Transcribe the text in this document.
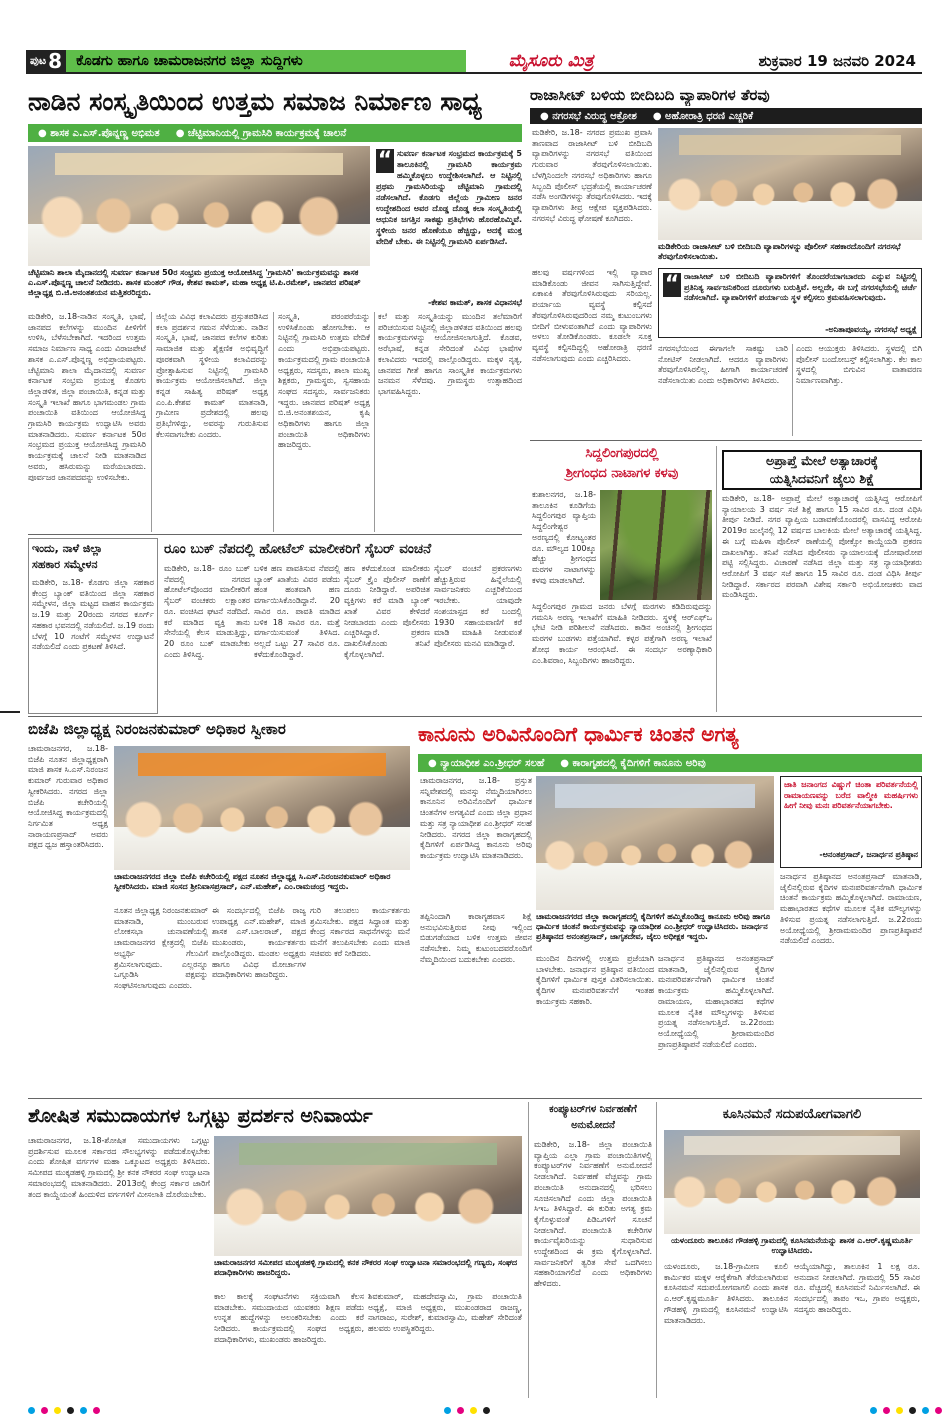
ಪುಟ 8	ಕೊಡಗು ಹಾಗೂ ಚಾಮರಾಜನಗರ ಜಿಲ್ಲಾ ಸುದ್ದಿಗಳು	ಮೈಸೂರು ಮಿತ್ರ	ಶುಕ್ರವಾರ 19 ಜನವರಿ 2024
ನಾಡಿನ ಸಂಸ್ಕೃತಿಯಿಂದ ಉತ್ತಮ ಸಮಾಜ ನಿರ್ಮಾಣ ಸಾಧ್ಯ
● ಶಾಸಕ ಎ.ಎಸ್.ಪೊನ್ನಣ್ಣ ಅಭಿಮತ ● ಚೆಟ್ಟಿಮಾನಿಯಲ್ಲಿ ಗ್ರಾಮಸಿರಿ ಕಾರ್ಯಕ್ರಮಕ್ಕೆ ಚಾಲನೆ
ಚೆಟ್ಟಿಮಾನಿ ಶಾಲಾ ಮೈದಾನದಲ್ಲಿ ಸುವರ್ಣ ಕರ್ನಾಟಕ 50ರ ಸಂಭ್ರಮ ಪ್ರಯುಕ್ತ ಆಯೋಜಿಸಿದ್ದ 'ಗ್ರಾಮಸಿರಿ' ಕಾರ್ಯಕ್ರಮವನ್ನು ಶಾಸಕ ಎ.ಎಸ್.ಪೊನ್ನಣ್ಣ ಚಾಲನೆ ನೀಡಿದರು. ಶಾಸಕ ಮಂತರ್ ಗೌಡ, ಕೇಶವ ಕಾಮತ್, ಮಹಾ ಅಧ್ಯಕ್ಷ ಟಿ.ಪಿ.ರಮೇಶ್, ಜಾನಪದ ಪರಿಷತ್ ಜಿಲ್ಲಾಧ್ಯಕ್ಷ ಬಿ.ಜಿ.ಅನಂತಶಯನ ಮತ್ತಿತರರಿದ್ದರು.
“ ಸುವರ್ಣ ಕರ್ನಾಟಕ ಸಂಭ್ರಮದ ಕಾರ್ಯಕ್ರಮಕ್ಕೆ 5 ತಾಲೂಕಿನಲ್ಲಿ ಗ್ರಾಮಸಿರಿ ಕಾರ್ಯಕ್ರಮ ಹಮ್ಮಿಕೊಳ್ಳಲು ಉದ್ದೇಶಿಸಲಾಗಿದೆ. ಆ ನಿಟ್ಟಿನಲ್ಲಿ ಪ್ರಥಮ ಗ್ರಾಮಸಿರಿಯನ್ನು ಚೆಟ್ಟಿಮಾನಿ ಗ್ರಾಮದಲ್ಲಿ ನಡೆಸಲಾಗಿದೆ. ಕೊಡಗು ಜಿಲ್ಲೆಯ ಗ್ರಾಮೀಣ ಜನರ ಉದ್ದೇಶದಿಂದ ಅವರ ದೊಡ್ಡ ದೊಡ್ಡ ಕಲಾ ಸಂಸ್ಕೃತಿಯಲ್ಲಿ ಆಧುನಿಕ ಜಗತ್ತಿನ ಸಾಕಷ್ಟು ಪ್ರತಿಭೆಗಳು ಹೊರಹೊಮ್ಮಿವೆ. ಸ್ಥಳೀಯ ಜನರ ಹೊಣೆಯೂ ಹೆಚ್ಚಿದ್ದು, ಅದಕ್ಕೆ ಮುಕ್ತ ವೇದಿಕೆ ಬೇಕು. ಈ ನಿಟ್ಟಿನಲ್ಲಿ ಗ್ರಾಮಸಿರಿ ಏರ್ಪಡಿಸಿದೆ.
-ಕೇಶವ ಕಾಮತ್, ಶಾಸಕ ವಿಧಾನಸಭೆ
ಮಡಿಕೇರಿ, ಜ.18-ನಾಡಿನ ಸಂಸ್ಕೃತಿ, ಭಾಷೆ, ಜಾನಪದ ಕಲೆಗಳನ್ನು ಮುಂದಿನ ಪೀಳಿಗೆಗೆ ಉಳಿಸಿ, ಬೆಳೆಸಬೇಕಾಗಿದೆ. ಇದರಿಂದ ಉತ್ತಮ ಸಮಾಜ ನಿರ್ಮಾಣ ಸಾಧ್ಯ ಎಂದು ವಿರಾಜಪೇಟೆ ಶಾಸಕ ಎ.ಎಸ್.ಪೊನ್ನಣ್ಣ ಅಭಿಪ್ರಾಯಪಟ್ಟರು. ಚೆಟ್ಟಿಮಾನಿ ಶಾಲಾ ಮೈದಾನದಲ್ಲಿ ಸುವರ್ಣ ಕರ್ನಾಟಕ ಸಂಭ್ರಮ ಪ್ರಯುಕ್ತ ಕೊಡಗು ಜಿಲ್ಲಾಡಳಿತ, ಜಿಲ್ಲಾ ಪಂಚಾಯಿತಿ, ಕನ್ನಡ ಮತ್ತು ಸಂಸ್ಕೃತಿ ಇಲಾಖೆ ಹಾಗೂ ಭಾಗಮಂಡಲ ಗ್ರಾಮ ಪಂಚಾಯಿತಿ ವತಿಯಿಂದ ಆಯೋಜಿಸಿದ್ದ ಗ್ರಾಮಸಿರಿ ಕಾರ್ಯಕ್ರಮ ಉದ್ಘಾಟಿಸಿ ಅವರು ಮಾತನಾಡಿದರು. ಸುವರ್ಣ ಕರ್ನಾಟಕ 50ರ ಸಂಭ್ರಮದ ಪ್ರಯುಕ್ತ ಆಯೋಜಿಸಿದ್ದ ಗ್ರಾಮಸಿರಿ ಕಾರ್ಯಕ್ರಮಕ್ಕೆ ಚಾಲನೆ ನೀಡಿ ಮಾತನಾಡಿದ ಅವರು, ಹಸಿರುಮನ್ನು ಮರೆಯಬಾರದು. ಪೂರ್ವಜರ ಜಾನಪದವನ್ನು ಉಳಿಸಬೇಕು.
ಜಿಲ್ಲೆಯ ವಿವಿಧ ಕಲಾವಿದರು ಪ್ರಸ್ತುತಪಡಿಸಿದ ಕಲಾ ಪ್ರದರ್ಶನ ಗಮನ ಸೆಳೆಯಿತು. ನಾಡಿನ ಸಂಸ್ಕೃತಿ, ಭಾಷೆ, ಜಾನಪದ ಕಲೆಗಳ ಕುರಿತು ಸಾಮಾಜಿಕ ಮತ್ತು ಶೈಕ್ಷಣಿಕ ಅಭಿವೃದ್ಧಿಗೆ ಪೂರಕವಾಗಿ ಸ್ಥಳೀಯ ಕಲಾವಿದರನ್ನು ಪ್ರೋತ್ಸಾಹಿಸುವ ನಿಟ್ಟಿನಲ್ಲಿ ಗ್ರಾಮಸಿರಿ ಕಾರ್ಯಕ್ರಮ ಆಯೋಜಿಸಲಾಗಿದೆ. ಜಿಲ್ಲಾ ಕನ್ನಡ ಸಾಹಿತ್ಯ ಪರಿಷತ್ ಅಧ್ಯಕ್ಷ ಎಂ.ಪಿ.ಕೇಶವ ಕಾಮತ್ ಮಾತನಾಡಿ, ಗ್ರಾಮೀಣ ಪ್ರದೇಶದಲ್ಲಿ ಹಲವು ಪ್ರತಿಭೆಗಳಿದ್ದು, ಅವರನ್ನು ಗುರುತಿಸುವ ಕೆಲಸವಾಗಬೇಕು ಎಂದರು.
ಸಂಸ್ಕೃತಿ, ಪರಂಪರೆಯನ್ನು ಉಳಿಸಿಕೊಂಡು ಹೋಗಬೇಕು. ಆ ನಿಟ್ಟಿನಲ್ಲಿ ಗ್ರಾಮಸಿರಿ ಉತ್ತಮ ವೇದಿಕೆ ಎಂದು ಅಭಿಪ್ರಾಯಪಟ್ಟರು. ಕಾರ್ಯಕ್ರಮದಲ್ಲಿ ಗ್ರಾಮ ಪಂಚಾಯಿತಿ ಅಧ್ಯಕ್ಷರು, ಸದಸ್ಯರು, ಶಾಲಾ ಮುಖ್ಯ ಶಿಕ್ಷಕರು, ಗ್ರಾಮಸ್ಥರು, ಸ್ವಸಹಾಯ ಸಂಘದ ಸದಸ್ಯರು, ಸಾರ್ವಜನಿಕರು ಇದ್ದರು. ಜಾನಪದ ಪರಿಷತ್ ಅಧ್ಯಕ್ಷ ಬಿ.ಜಿ.ಅನಂತಶಯನ, ಕೃಷಿ ಅಧಿಕಾರಿಗಳು ಹಾಗೂ ಜಿಲ್ಲಾ ಪಂಚಾಯಿತಿ ಅಧಿಕಾರಿಗಳು ಹಾಜರಿದ್ದರು.
ಕಲೆ ಮತ್ತು ಸಂಸ್ಕೃತಿಯನ್ನು ಮುಂದಿನ ತಲೆಮಾರಿಗೆ ಪರಿಚಯಿಸುವ ನಿಟ್ಟಿನಲ್ಲಿ ಜಿಲ್ಲಾಡಳಿತದ ವತಿಯಿಂದ ಹಲವು ಕಾರ್ಯಕ್ರಮಗಳನ್ನು ಆಯೋಜಿಸಲಾಗುತ್ತಿದೆ. ಕೊಡವ, ಅರೆಭಾಷೆ, ಕನ್ನಡ ಸೇರಿದಂತೆ ವಿವಿಧ ಭಾಷೆಗಳ ಕಲಾವಿದರು ಇದರಲ್ಲಿ ಪಾಲ್ಗೊಂಡಿದ್ದರು. ಮಕ್ಕಳ ನೃತ್ಯ, ಜಾನಪದ ಗೀತೆ ಹಾಗೂ ಸಾಂಸ್ಕೃತಿಕ ಕಾರ್ಯಕ್ರಮಗಳು ಜನಮನ ಸೆಳೆದವು. ಗ್ರಾಮಸ್ಥರು ಉತ್ಸಾಹದಿಂದ ಭಾಗವಹಿಸಿದ್ದರು.
ರಾಜಾಸೀಟ್ ಬಳಿಯ ಬೀದಿಬದಿ ವ್ಯಾಪಾರಿಗಳ ತೆರವು
● ನಗರಸಭೆ ವಿರುದ್ಧ ಆಕ್ರೋಶ ● ಅಹೋರಾತ್ರಿ ಧರಣಿ ಎಚ್ಚರಿಕೆ
ಮಡಿಕೇರಿ, ಜ.18- ನಗರದ ಪ್ರಮುಖ ಪ್ರವಾಸಿ ತಾಣವಾದ ರಾಜಾಸೀಟ್ ಬಳಿ ಬೀದಿಬದಿ ವ್ಯಾಪಾರಿಗಳನ್ನು ನಗರಸಭೆ ವತಿಯಿಂದ ಗುರುವಾರ ತೆರವುಗೊಳಿಸಲಾಯಿತು. ಬೆಳಗ್ಗಿನಿಂದಲೇ ನಗರಸಭೆ ಅಧಿಕಾರಿಗಳು ಹಾಗೂ ಸಿಬ್ಬಂದಿ ಪೊಲೀಸ್ ಭದ್ರತೆಯಲ್ಲಿ ಕಾರ್ಯಾಚರಣೆ ನಡೆಸಿ ಅಂಗಡಿಗಳನ್ನು ತೆರವುಗೊಳಿಸಿದರು. ಇದಕ್ಕೆ ವ್ಯಾಪಾರಿಗಳು ತೀವ್ರ ಆಕ್ಷೇಪ ವ್ಯಕ್ತಪಡಿಸಿದರು. ನಗರಸಭೆ ವಿರುದ್ಧ ಘೋಷಣೆ ಕೂಗಿದರು.
ಮಡಿಕೇರಿಯ ರಾಜಾಸೀಟ್ ಬಳಿ ಬೀದಿಬದಿ ವ್ಯಾಪಾರಿಗಳನ್ನು ಪೊಲೀಸ್ ಸಹಕಾರದೊಂದಿಗೆ ನಗರಸಭೆ ತೆರವುಗೊಳಿಸಲಾಯಿತು.
ಹಲವು ವರ್ಷಗಳಿಂದ ಇಲ್ಲಿ ವ್ಯಾಪಾರ ಮಾಡಿಕೊಂಡು ಜೀವನ ಸಾಗಿಸುತ್ತಿದ್ದೇವೆ. ಏಕಾಏಕಿ ತೆರವುಗೊಳಿಸಿರುವುದು ಸರಿಯಲ್ಲ. ಪರ್ಯಾಯ ವ್ಯವಸ್ಥೆ ಕಲ್ಪಿಸದೆ ತೆರವುಗೊಳಿಸಿರುವುದರಿಂದ ನಮ್ಮ ಕುಟುಂಬಗಳು ಬೀದಿಗೆ ಬೀಳುವಂತಾಗಿದೆ ಎಂದು ವ್ಯಾಪಾರಿಗಳು ಅಳಲು ತೋಡಿಕೊಂಡರು. ಕೂಡಲೇ ಸೂಕ್ತ ವ್ಯವಸ್ಥೆ ಕಲ್ಪಿಸದಿದ್ದಲ್ಲಿ ಅಹೋರಾತ್ರಿ ಧರಣಿ ನಡೆಸಲಾಗುವುದು ಎಂದು ಎಚ್ಚರಿಸಿದರು.
“ ರಾಜಾಸೀಟ್ ಬಳಿ ಬೀದಿಬದಿ ವ್ಯಾಪಾರಿಗಳಿಗೆ ತೊಂದರೆಯಾಗಬಾರದು ಎನ್ನುವ ನಿಟ್ಟಿನಲ್ಲಿ ಪ್ರತಿನಿತ್ಯ ಸಾರ್ವಜನಿಕರಿಂದ ದೂರುಗಳು ಬರುತ್ತಿವೆ. ಅಲ್ಲದೇ, ಈ ಬಗ್ಗೆ ನಗರಸಭೆಯಲ್ಲಿ ಚರ್ಚೆ ನಡೆಸಲಾಗಿದೆ. ವ್ಯಾಪಾರಿಗಳಿಗೆ ಪರ್ಯಾಯ ಸ್ಥಳ ಕಲ್ಪಿಸಲು ಕ್ರಮವಹಿಸಲಾಗುವುದು.
-ಅನಿತಾಪೂವಯ್ಯ, ನಗರಸಭೆ ಅಧ್ಯಕ್ಷೆ
ನಗರಸಭೆಯಿಂದ ಈಗಾಗಲೇ ಸಾಕಷ್ಟು ಬಾರಿ ನೋಟಿಸ್ ನೀಡಲಾಗಿದೆ. ಆದರೂ ವ್ಯಾಪಾರಿಗಳು ತೆರವುಗೊಳಿಸಿರಲಿಲ್ಲ. ಹೀಗಾಗಿ ಕಾರ್ಯಾಚರಣೆ ನಡೆಸಲಾಯಿತು ಎಂದು ಅಧಿಕಾರಿಗಳು ತಿಳಿಸಿದರು.
ಎಂದು ಆಯುಕ್ತರು ತಿಳಿಸಿದರು. ಸ್ಥಳದಲ್ಲಿ ಬಿಗಿ ಪೊಲೀಸ್ ಬಂದೋಬಸ್ತ್ ಕಲ್ಪಿಸಲಾಗಿತ್ತು. ಕೆಲ ಕಾಲ ಸ್ಥಳದಲ್ಲಿ ಬಿಗುವಿನ ವಾತಾವರಣ ನಿರ್ಮಾಣವಾಗಿತ್ತು.
ಸಿದ್ದಲಿಂಗಪುರದಲ್ಲಿ
ಶ್ರೀಗಂಧದ ನಾಟಾಗಳ ಕಳವು
ಕುಶಾಲನಗರ, ಜ.18- ತಾಲೂಕಿನ ಕೂಡಿಗೆಯ ಸಿದ್ದಲಿಂಗಪುರ ವ್ಯಾಪ್ತಿಯ ಸಿದ್ದಲಿಂಗೇಶ್ವರ ಅರಣ್ಯದಲ್ಲಿ ಕೋಟ್ಯಂತರ ರೂ. ಮೌಲ್ಯದ 100ಕ್ಕೂ ಹೆಚ್ಚು ಶ್ರೀಗಂಧದ ಮರಗಳ ನಾಟಾಗಳನ್ನು ಕಳವು ಮಾಡಲಾಗಿದೆ.
ಸಿದ್ದಲಿಂಗಪುರ ಗ್ರಾಮದ ಜನರು ಬೆಳಗ್ಗೆ ಮರಗಳು ಕಡಿದಿರುವುದನ್ನು ಗಮನಿಸಿ ಅರಣ್ಯ ಇಲಾಖೆಗೆ ಮಾಹಿತಿ ನೀಡಿದರು. ಸ್ಥಳಕ್ಕೆ ಆರ್‌ಎಫ್‌ಒ ಭೇಟಿ ನೀಡಿ ಪರಿಶೀಲನೆ ನಡೆಸಿದರು. ಕಾಡಿನ ಅಂಚಿನಲ್ಲಿ ಶ್ರೀಗಂಧದ ಮರಗಳ ಬುಡಗಳು ಪತ್ತೆಯಾಗಿವೆ. ಕಳ್ಳರ ಪತ್ತೆಗಾಗಿ ಅರಣ್ಯ ಇಲಾಖೆ ಶೋಧ ಕಾರ್ಯ ಆರಂಭಿಸಿದೆ. ಈ ಸಂದರ್ಭ ಅರಣ್ಯಾಧಿಕಾರಿ ಎಂ.ಶಿವರಾಂ, ಸಿಬ್ಬಂದಿಗಳು ಹಾಜರಿದ್ದರು.
ಅಪ್ರಾಪ್ತೆ ಮೇಲೆ ಅತ್ಯಾಚಾರಕ್ಕೆ
ಯತ್ನಿಸಿದವನಿಗೆ ಜೈಲು ಶಿಕ್ಷೆ
ಮಡಿಕೇರಿ, ಜ.18- ಅಪ್ರಾಪ್ತೆ ಮೇಲೆ ಅತ್ಯಾಚಾರಕ್ಕೆ ಯತ್ನಿಸಿದ್ದ ಆರೋಪಿಗೆ ನ್ಯಾಯಾಲಯ 3 ವರ್ಷ ಸಜೆ ಶಿಕ್ಷೆ ಹಾಗೂ 15 ಸಾವಿರ ರೂ. ದಂಡ ವಿಧಿಸಿ ತೀರ್ಪು ನೀಡಿದೆ. ನಗರ ವ್ಯಾಪ್ತಿಯ ಬಡಾವಣೆಯೊಂದರಲ್ಲಿ ವಾಸವಿದ್ದ ಆರೋಪಿ 2019ರ ಜುಲೈನಲ್ಲಿ 12 ವರ್ಷದ ಬಾಲಕಿಯ ಮೇಲೆ ಅತ್ಯಾಚಾರಕ್ಕೆ ಯತ್ನಿಸಿದ್ದ. ಈ ಬಗ್ಗೆ ಮಹಿಳಾ ಪೊಲೀಸ್ ಠಾಣೆಯಲ್ಲಿ ಪೋಕ್ಸೋ ಕಾಯ್ದೆಯಡಿ ಪ್ರಕರಣ ದಾಖಲಾಗಿತ್ತು. ತನಿಖೆ ನಡೆಸಿದ ಪೊಲೀಸರು ನ್ಯಾಯಾಲಯಕ್ಕೆ ದೋಷಾರೋಪ ಪಟ್ಟಿ ಸಲ್ಲಿಸಿದ್ದರು. ವಿಚಾರಣೆ ನಡೆಸಿದ ಜಿಲ್ಲಾ ಮತ್ತು ಸತ್ರ ನ್ಯಾಯಾಧೀಶರು ಆರೋಪಿಗೆ 3 ವರ್ಷ ಸಜೆ ಹಾಗೂ 15 ಸಾವಿರ ರೂ. ದಂಡ ವಿಧಿಸಿ ತೀರ್ಪು ನೀಡಿದ್ದಾರೆ. ಸರ್ಕಾರದ ಪರವಾಗಿ ವಿಶೇಷ ಸರ್ಕಾರಿ ಅಭಿಯೋಜಕರು ವಾದ ಮಂಡಿಸಿದ್ದರು.
ಇಂದು, ನಾಳೆ ಜಿಲ್ಲಾ
ಸಹಕಾರ ಸಮ್ಮೇಳನ
ಮಡಿಕೇರಿ, ಜ.18- ಕೊಡಗು ಜಿಲ್ಲಾ ಸಹಕಾರ ಕೇಂದ್ರ ಬ್ಯಾಂಕ್ ವತಿಯಿಂದ ಜಿಲ್ಲಾ ಸಹಕಾರ ಸಮ್ಮೇಳನ, ಜಿಲ್ಲಾ ಮಟ್ಟದ ವಾಹನ ಕಾರ್ಯಕ್ರಮ ಜ.19 ಮತ್ತು 20ರಂದು ನಗರದ ಕೂರ್ಗ್ ಸಹಕಾರ ಭವನದಲ್ಲಿ ನಡೆಯಲಿದೆ. ಜ.19 ರಂದು ಬೆಳಗ್ಗೆ 10 ಗಂಟೆಗೆ ಸಮ್ಮೇಳನ ಉದ್ಘಾಟನೆ ನಡೆಯಲಿದೆ ಎಂದು ಪ್ರಕಟಣೆ ತಿಳಿಸಿದೆ.
ರೂಂ ಬುಕ್ ನೆಪದಲ್ಲಿ ಹೋಟೆಲ್ ಮಾಲೀಕರಿಗೆ ಸೈಬರ್ ವಂಚನೆ
ಮಡಿಕೇರಿ, ಜ.18- ರೂಂ ಬುಕ್ ನೆಪದಲ್ಲಿ ನಗರದ ಹೋಟೆಲ್‌ವೊಂದರ ಮಾಲೀಕರಿಗೆ ಸೈಬರ್ ವಂಚಕರು ಲಕ್ಷಾಂತರ ರೂ. ವಂಚಿಸಿದ ಘಟನೆ ನಡೆದಿದೆ. ಕರೆ ಮಾಡಿದ ವ್ಯಕ್ತಿ ತಾನು ಸೇನೆಯಲ್ಲಿ ಕೆಲಸ ಮಾಡುತ್ತಿದ್ದು, 20 ರೂಂ ಬುಕ್ ಮಾಡಬೇಕು ಎಂದು ತಿಳಿಸಿದ್ದ.
ಬಳಿಕ ಹಣ ಪಾವತಿಸುವ ನೆಪದಲ್ಲಿ ಬ್ಯಾಂಕ್ ಖಾತೆಯ ವಿವರ ಪಡೆದು ಹಂತ ಹಂತವಾಗಿ ಹಣ ವರ್ಗಾಯಿಸಿಕೊಂಡಿದ್ದಾನೆ. 20 ಸಾವಿರ ರೂ. ಪಾವತಿ ಮಾಡಿದ ಬಳಿಕ 18 ಸಾವಿರ ರೂ. ಮತ್ತೆ ವರ್ಗಾಯಿಸುವಂತೆ ತಿಳಿಸಿದ. ಅಲ್ಲದೆ ಒಟ್ಟು 27 ಸಾವಿರ ರೂ. ಕಳೆದುಕೊಂಡಿದ್ದಾರೆ.
ಹಣ ಕಳೆದುಕೊಂಡ ಮಾಲೀಕರು ಸೈಬರ್ ಕ್ರೈಂ ಪೊಲೀಸ್ ಠಾಣೆಗೆ ದೂರು ನೀಡಿದ್ದಾರೆ. ಅಪರಿಚಿತ ವ್ಯಕ್ತಿಗಳು ಕರೆ ಮಾಡಿ ಬ್ಯಾಂಕ್ ಖಾತೆ ವಿವರ ಕೇಳಿದರೆ ನೀಡಬಾರದು ಎಂದು ಪೊಲೀಸರು ಎಚ್ಚರಿಸಿದ್ದಾರೆ. ಪ್ರಕರಣ ದಾಖಲಿಸಿಕೊಂಡು ತನಿಖೆ ಕೈಗೊಳ್ಳಲಾಗಿದೆ.
ಸೈಬರ್ ವಂಚನೆ ಪ್ರಕರಣಗಳು ಹೆಚ್ಚುತ್ತಿರುವ ಹಿನ್ನೆಲೆಯಲ್ಲಿ ಸಾರ್ವಜನಿಕರು ಎಚ್ಚರಿಕೆಯಿಂದ ಇರಬೇಕು. ಯಾವುದೇ ಸಂಶಯಾಸ್ಪದ ಕರೆ ಬಂದಲ್ಲಿ 1930 ಸಹಾಯವಾಣಿಗೆ ಕರೆ ಮಾಡಿ ಮಾಹಿತಿ ನೀಡುವಂತೆ ಪೊಲೀಸರು ಮನವಿ ಮಾಡಿದ್ದಾರೆ.
ಬಿಜೆಪಿ ಜಿಲ್ಲಾಧ್ಯಕ್ಷ ನಿರಂಜನಕುಮಾರ್ ಅಧಿಕಾರ ಸ್ವೀಕಾರ
ಚಾಮರಾಜನಗರ, ಜ.18-ಬಿಜೆಪಿ ನೂತನ ಜಿಲ್ಲಾಧ್ಯಕ್ಷರಾಗಿ ಮಾಜಿ ಶಾಸಕ ಸಿ.ಎಸ್.ನಿರಂಜನ ಕುಮಾರ್ ಗುರುವಾರ ಅಧಿಕಾರ ಸ್ವೀಕರಿಸಿದರು. ನಗರದ ಜಿಲ್ಲಾ ಬಿಜೆಪಿ ಕಚೇರಿಯಲ್ಲಿ ಆಯೋಜಿಸಿದ್ದ ಕಾರ್ಯಕ್ರಮದಲ್ಲಿ ನಿರ್ಗಮಿತ ಅಧ್ಯಕ್ಷ ನಾರಾಯಣಪ್ರಸಾದ್ ಅವರು ಪಕ್ಷದ ಧ್ವಜ ಹಸ್ತಾಂತರಿಸಿದರು.
ಚಾಮರಾಜನಗರದ ಜಿಲ್ಲಾ ಬಿಜೆಪಿ ಕಚೇರಿಯಲ್ಲಿ ಪಕ್ಷದ ನೂತನ ಜಿಲ್ಲಾಧ್ಯಕ್ಷ ಸಿ.ಎಸ್.ನಿರಂಜನಕುಮಾರ್ ಅಧಿಕಾರ ಸ್ವೀಕರಿಸಿದರು. ಮಾಜಿ ಸಂಸದ ಶ್ರೀನಿವಾಸಪ್ರಸಾದ್, ಎನ್.ಮಹೇಶ್, ಎಂ.ರಾಮಚಂದ್ರ ಇದ್ದರು.
ನೂತನ ಜಿಲ್ಲಾಧ್ಯಕ್ಷ ನಿರಂಜನಕುಮಾರ್ ಮಾತನಾಡಿ, ಮುಂಬರುವ ಲೋಕಸಭಾ ಚುನಾವಣೆಯಲ್ಲಿ ಚಾಮರಾಜನಗರ ಕ್ಷೇತ್ರದಲ್ಲಿ ಬಿಜೆಪಿ ಅಭ್ಯರ್ಥಿ ಗೆಲುವಿಗೆ ಶ್ರಮಿಸಲಾಗುವುದು. ಎಲ್ಲರನ್ನೂ ಒಗ್ಗೂಡಿಸಿ ಪಕ್ಷವನ್ನು ಸಂಘಟಿಸಲಾಗುವುದು ಎಂದರು.
ಈ ಸಂದರ್ಭದಲ್ಲಿ ಬಿಜೆಪಿ ರಾಜ್ಯ ಉಪಾಧ್ಯಕ್ಷ ಎನ್.ಮಹೇಶ್, ಮಾಜಿ ಶಾಸಕ ಎಸ್.ಬಾಲರಾಜ್, ಪಕ್ಷದ ಮುಖಂಡರು, ಕಾರ್ಯಕರ್ತರು ಪಾಲ್ಗೊಂಡಿದ್ದರು. ಮಂಡಲ ಅಧ್ಯಕ್ಷರು ಹಾಗೂ ವಿವಿಧ ಮೋರ್ಚಾಗಳ ಪದಾಧಿಕಾರಿಗಳು ಹಾಜರಿದ್ದರು.
ಗುರಿ ತಲುಪಲು ಕಾರ್ಯಕರ್ತರು ಶ್ರಮಿಸಬೇಕು. ಪಕ್ಷದ ಸಿದ್ಧಾಂತ ಮತ್ತು ಕೇಂದ್ರ ಸರ್ಕಾರದ ಸಾಧನೆಗಳನ್ನು ಮನೆ ಮನೆಗೆ ತಲುಪಿಸಬೇಕು ಎಂದು ಮಾಜಿ ಸಚಿವರು ಕರೆ ನೀಡಿದರು.
ಕಾನೂನು ಅರಿವಿನೊಂದಿಗೆ ಧಾರ್ಮಿಕ ಚಿಂತನೆ ಅಗತ್ಯ
● ನ್ಯಾಯಾಧೀಶ ಎಂ.ಶ್ರೀಧರ್ ಸಲಹೆ ● ಕಾರಾಗೃಹದಲ್ಲಿ ಕೈದಿಗಳಿಗೆ ಕಾನೂನು ಅರಿವು
ಚಾಮರಾಜನಗರ, ಜ.18- ಪ್ರಸ್ತುತ ಸನ್ನಿವೇಶದಲ್ಲಿ ಮನಸ್ಸು ನೆಮ್ಮದಿಯಾಗಿರಲು ಕಾನೂನಿನ ಅರಿವಿನೊಂದಿಗೆ ಧಾರ್ಮಿಕ ಚಿಂತನೆಗಳ ಅಗತ್ಯವಿದೆ ಎಂದು ಜಿಲ್ಲಾ ಪ್ರಧಾನ ಮತ್ತು ಸತ್ರ ನ್ಯಾಯಾಧೀಶ ಎಂ.ಶ್ರೀಧರ್ ಸಲಹೆ ನೀಡಿದರು. ನಗರದ ಜಿಲ್ಲಾ ಕಾರಾಗೃಹದಲ್ಲಿ ಕೈದಿಗಳಿಗೆ ಏರ್ಪಡಿಸಿದ್ದ ಕಾನೂನು ಅರಿವು ಕಾರ್ಯಕ್ರಮ ಉದ್ಘಾಟಿಸಿ ಮಾತನಾಡಿದರು.
ಚಾಮರಾಜನಗರದ ಜಿಲ್ಲಾ ಕಾರಾಗೃಹದಲ್ಲಿ ಕೈದಿಗಳಿಗೆ ಹಮ್ಮಿಕೊಂಡಿದ್ದ ಕಾನೂನು ಅರಿವು ಹಾಗೂ ಧಾರ್ಮಿಕ ಚಿಂತನೆ ಕಾರ್ಯಕ್ರಮವನ್ನು ನ್ಯಾಯಾಧೀಶ ಎಂ.ಶ್ರೀಧರ್ ಉದ್ಘಾಟಿಸಿದರು. ಜನಾರ್ಧನ ಪ್ರತಿಷ್ಠಾನದ ಅನಂತಪ್ರಸಾದ್, ಜಾಗೃತದೇವ, ಜೈಲು ಅಧೀಕ್ಷಕ ಇದ್ದರು.
ತಪ್ಪಿನಿಂದಾಗಿ ಕಾರಾಗೃಹವಾಸ ಶಿಕ್ಷೆ ಅನುಭವಿಸುತ್ತಿರುವ ನೀವು ಇಲ್ಲಿಂದ ಬಿಡುಗಡೆಯಾದ ಬಳಿಕ ಉತ್ತಮ ಜೀವನ ನಡೆಸಬೇಕು. ನಿಮ್ಮ ಕುಟುಂಬದವರೊಂದಿಗೆ ನೆಮ್ಮದಿಯಿಂದ ಬದುಕಬೇಕು ಎಂದರು.	ಮುಂದಿನ ದಿನಗಳಲ್ಲಿ ಉತ್ತಮ ಪ್ರಜೆಯಾಗಿ ಬಾಳಬೇಕು. ಜನಾರ್ಧನ ಪ್ರತಿಷ್ಠಾನ ವತಿಯಿಂದ ಕೈದಿಗಳಿಗೆ ಧಾರ್ಮಿಕ ಪುಸ್ತಕ ವಿತರಿಸಲಾಯಿತು. ಕೈದಿಗಳ ಮನಃಪರಿವರ್ತನೆಗೆ ಇಂತಹ ಕಾರ್ಯಕ್ರಮ ಸಹಕಾರಿ.
ಜನಾರ್ಧನ ಪ್ರತಿಷ್ಠಾನದ ಅನಂತಪ್ರಸಾದ್ ಮಾತನಾಡಿ, ಜೈಲಿನಲ್ಲಿರುವ ಕೈದಿಗಳ ಮನಃಪರಿವರ್ತನೆಗಾಗಿ ಧಾರ್ಮಿಕ ಚಿಂತನೆ ಕಾರ್ಯಕ್ರಮ ಹಮ್ಮಿಕೊಳ್ಳಲಾಗಿದೆ. ರಾಮಾಯಣ, ಮಹಾಭಾರತದ ಕಥೆಗಳ ಮೂಲಕ ನೈತಿಕ ಮೌಲ್ಯಗಳನ್ನು ತಿಳಿಸುವ ಪ್ರಯತ್ನ ನಡೆಸಲಾಗುತ್ತಿದೆ. ಜ.22ರಂದು ಅಯೋಧ್ಯೆಯಲ್ಲಿ ಶ್ರೀರಾಮಮಂದಿರ ಪ್ರಾಣಪ್ರತಿಷ್ಠಾಪನೆ ನಡೆಯಲಿದೆ ಎಂದರು.
ಜಾತಿ ಜನಾಂಗದ ವಿಷ್ಣುಗೆ ಚಿಂತಾ ಪರಿವರ್ತನೆಯಲ್ಲಿ ರಾಮಾಯಣವನ್ನು ಬರೆದ ವಾಲ್ಮೀಕಿ ಮಹರ್ಷಿಗಳು ಹೀಗೆ ನೀವು ಮನಃ ಪರಿವರ್ತನೆಯಾಗಬೇಕು.
-ಅನಂತಪ್ರಸಾದ್, ಜನಾರ್ಧನ ಪ್ರತಿಷ್ಠಾನ
ಜನಾರ್ಧನ ಪ್ರತಿಷ್ಠಾನದ ಅನಂತಪ್ರಸಾದ್ ಮಾತನಾಡಿ, ಜೈಲಿನಲ್ಲಿರುವ ಕೈದಿಗಳ ಮನಃಪರಿವರ್ತನೆಗಾಗಿ ಧಾರ್ಮಿಕ ಚಿಂತನೆ ಕಾರ್ಯಕ್ರಮ ಹಮ್ಮಿಕೊಳ್ಳಲಾಗಿದೆ. ರಾಮಾಯಣ, ಮಹಾಭಾರತದ ಕಥೆಗಳ ಮೂಲಕ ನೈತಿಕ ಮೌಲ್ಯಗಳನ್ನು ತಿಳಿಸುವ ಪ್ರಯತ್ನ ನಡೆಸಲಾಗುತ್ತಿದೆ. ಜ.22ರಂದು ಅಯೋಧ್ಯೆಯಲ್ಲಿ ಶ್ರೀರಾಮಮಂದಿರ ಪ್ರಾಣಪ್ರತಿಷ್ಠಾಪನೆ ನಡೆಯಲಿದೆ ಎಂದರು.
ಶೋಷಿತ ಸಮುದಾಯಗಳ ಒಗ್ಗಟ್ಟು ಪ್ರದರ್ಶನ ಅನಿವಾರ್ಯ
ಚಾಮರಾಜನಗರ, ಜ.18-ಶೋಷಿತ ಸಮುದಾಯಗಳು ಒಗ್ಗಟ್ಟು ಪ್ರದರ್ಶಿಸುವ ಮೂಲಕ ಸರ್ಕಾರದ ಸೌಲಭ್ಯಗಳನ್ನು ಪಡೆದುಕೊಳ್ಳಬೇಕು ಎಂದು ಶೋಷಿತ ವರ್ಗಗಳ ಮಹಾ ಒಕ್ಕೂಟದ ಅಧ್ಯಕ್ಷರು ತಿಳಿಸಿದರು. ಸಮೀಪದ ಮುಕ್ಕಡಹಳ್ಳಿ ಗ್ರಾಮದಲ್ಲಿ ಶ್ರೀ ಕನಕ ನೌಕರರ ಸಂಘ ಉದ್ಘಾಟನಾ ಸಮಾರಂಭದಲ್ಲಿ ಮಾತನಾಡಿದರು. 2013ರಲ್ಲಿ ಕೇಂದ್ರ ಸರ್ಕಾರ ಜಾರಿಗೆ ತಂದ ಕಾಯ್ದೆಯಂತೆ ಹಿಂದುಳಿದ ವರ್ಗಗಳಿಗೆ ಮೀಸಲಾತಿ ದೊರೆಯಬೇಕು.
ಚಾಮರಾಜನಗರ ಸಮೀಪದ ಮುಕ್ಕಡಹಳ್ಳಿ ಗ್ರಾಮದಲ್ಲಿ ಕನಕ ನೌಕರರ ಸಂಘ ಉದ್ಘಾಟನಾ ಸಮಾರಂಭದಲ್ಲಿ ಗಣ್ಯರು, ಸಂಘದ ಪದಾಧಿಕಾರಿಗಳು ಹಾಜರಿದ್ದರು.
ಕಾಲ ಕಾಲಕ್ಕೆ ಸಂಘಟನೆಗಳು ಸಕ್ರಿಯವಾಗಿ ಕೆಲಸ ಮಾಡಬೇಕು. ಸಮುದಾಯದ ಯುವಕರು ಶಿಕ್ಷಣ ಪಡೆದು ಉನ್ನತ ಹುದ್ದೆಗಳನ್ನು ಅಲಂಕರಿಸಬೇಕು ಎಂದು ಕರೆ ನೀಡಿದರು. ಕಾರ್ಯಕ್ರಮದಲ್ಲಿ ಸಂಘದ ಅಧ್ಯಕ್ಷರು, ಪದಾಧಿಕಾರಿಗಳು, ಮುಖಂಡರು ಹಾಜರಿದ್ದರು.
ಶಿವಕುಮಾರ್, ಮಹದೇವಸ್ವಾಮಿ, ಗ್ರಾಮ ಪಂಚಾಯಿತಿ ಅಧ್ಯಕ್ಷೆ, ಮಾಜಿ ಅಧ್ಯಕ್ಷರು, ಮುಖಂಡರಾದ ರಾಜಣ್ಣ, ನಾಗರಾಜು, ಸುರೇಶ್, ಕುಮಾರಸ್ವಾಮಿ, ಮಹೇಶ್ ಸೇರಿದಂತೆ ಹಲವರು ಉಪಸ್ಥಿತರಿದ್ದರು.
ಕಂಪ್ಯೂಟರ್‌ಗಳ ನಿರ್ವಹಣೆಗೆ
ಅನುಮೋದನೆ
ಮಡಿಕೇರಿ, ಜ.18- ಜಿಲ್ಲಾ ಪಂಚಾಯಿತಿ ವ್ಯಾಪ್ತಿಯ ಎಲ್ಲಾ ಗ್ರಾಮ ಪಂಚಾಯಿತಿಗಳಲ್ಲಿ ಕಂಪ್ಯೂಟರ್‌ಗಳ ನಿರ್ವಹಣೆಗೆ ಅನುಮೋದನೆ ನೀಡಲಾಗಿದೆ. ನಿರ್ವಹಣೆ ವೆಚ್ಚವನ್ನು ಗ್ರಾಮ ಪಂಚಾಯಿತಿ ಅನುದಾನದಲ್ಲಿ ಭರಿಸಲು ಸೂಚಿಸಲಾಗಿದೆ ಎಂದು ಜಿಲ್ಲಾ ಪಂಚಾಯಿತಿ ಸಿಇಒ ತಿಳಿಸಿದ್ದಾರೆ. ಈ ಕುರಿತು ಅಗತ್ಯ ಕ್ರಮ ಕೈಗೊಳ್ಳುವಂತೆ ಪಿಡಿಒಗಳಿಗೆ ಸೂಚನೆ ನೀಡಲಾಗಿದೆ. ಪಂಚಾಯಿತಿ ಕಚೇರಿಗಳ ಕಾರ್ಯವೈಖರಿಯನ್ನು ಸುಧಾರಿಸುವ ಉದ್ದೇಶದಿಂದ ಈ ಕ್ರಮ ಕೈಗೊಳ್ಳಲಾಗಿದೆ. ಸಾರ್ವಜನಿಕರಿಗೆ ತ್ವರಿತ ಸೇವೆ ಒದಗಿಸಲು ಸಹಕಾರಿಯಾಗಲಿದೆ ಎಂದು ಅಧಿಕಾರಿಗಳು ಹೇಳಿದರು.
ಕೂಸಿನಮನೆ ಸದುಪಯೋಗವಾಗಲಿ
ಯಳಂದೂರು ತಾಲೂಕಿನ ಗೌಡಹಳ್ಳಿ ಗ್ರಾಮದಲ್ಲಿ ಕೂಸಿನಮನೆಯನ್ನು ಶಾಸಕ ಎ.ಆರ್.ಕೃಷ್ಣಮೂರ್ತಿ ಉದ್ಘಾಟಿಸಿದರು.
ಯಳಂದೂರು, ಜ.18-ಗ್ರಾಮೀಣ ಕೂಲಿ ಕಾರ್ಮಿಕರ ಮಕ್ಕಳ ಆರೈಕೆಗಾಗಿ ತೆರೆಯಲಾಗಿರುವ ಕೂಸಿನಮನೆ ಸದುಪಯೋಗವಾಗಲಿ ಎಂದು ಶಾಸಕ ಎ.ಆರ್.ಕೃಷ್ಣಮೂರ್ತಿ ತಿಳಿಸಿದರು. ತಾಲೂಕಿನ ಗೌಡಹಳ್ಳಿ ಗ್ರಾಮದಲ್ಲಿ ಕೂಸಿನಮನೆ ಉದ್ಘಾಟಿಸಿ ಮಾತನಾಡಿದರು.
ಆಯ್ಕೆಯಾಗಿದ್ದು, ತಾಲೂಕಿನ 1 ಲಕ್ಷ ರೂ. ಅನುದಾನ ನೀಡಲಾಗಿದೆ. ಗ್ರಾಮದಲ್ಲಿ 55 ಸಾವಿರ ರೂ. ವೆಚ್ಚದಲ್ಲಿ ಕೂಸಿನಮನೆ ನಿರ್ಮಿಸಲಾಗಿದೆ. ಈ ಸಂದರ್ಭದಲ್ಲಿ ತಾಪಂ ಇಒ, ಗ್ರಾಪಂ ಅಧ್ಯಕ್ಷರು, ಸದಸ್ಯರು ಹಾಜರಿದ್ದರು.
